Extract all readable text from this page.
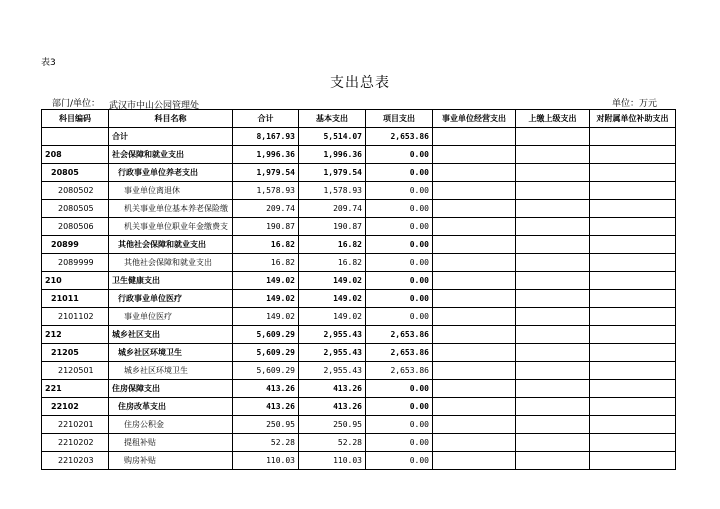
表3
支出总表
部门/单位： 武汉市中山公园管理处	单位：万元
科目编码	科目名称	合计	基本支出	项目支出	事业单位经营支出	上缴上级支出	对附属单位补助支出
	合计	8,167.93	5,514.07	2,653.86			
208	社会保障和就业支出	1,996.36	1,996.36	0.00			
20805	行政事业单位养老支出	1,979.54	1,979.54	0.00			
2080502	事业单位离退休	1,578.93	1,578.93	0.00			
2080505	机关事业单位基本养老保险缴	209.74	209.74	0.00			
2080506	机关事业单位职业年金缴费支	190.87	190.87	0.00			
20899	其他社会保障和就业支出	16.82	16.82	0.00			
2089999	其他社会保障和就业支出	16.82	16.82	0.00			
210	卫生健康支出	149.02	149.02	0.00			
21011	行政事业单位医疗	149.02	149.02	0.00			
2101102	事业单位医疗	149.02	149.02	0.00			
212	城乡社区支出	5,609.29	2,955.43	2,653.86			
21205	城乡社区环境卫生	5,609.29	2,955.43	2,653.86			
2120501	城乡社区环境卫生	5,609.29	2,955.43	2,653.86			
221	住房保障支出	413.26	413.26	0.00			
22102	住房改革支出	413.26	413.26	0.00			
2210201	住房公积金	250.95	250.95	0.00			
2210202	提租补贴	52.28	52.28	0.00			
2210203	购房补贴	110.03	110.03	0.00			
